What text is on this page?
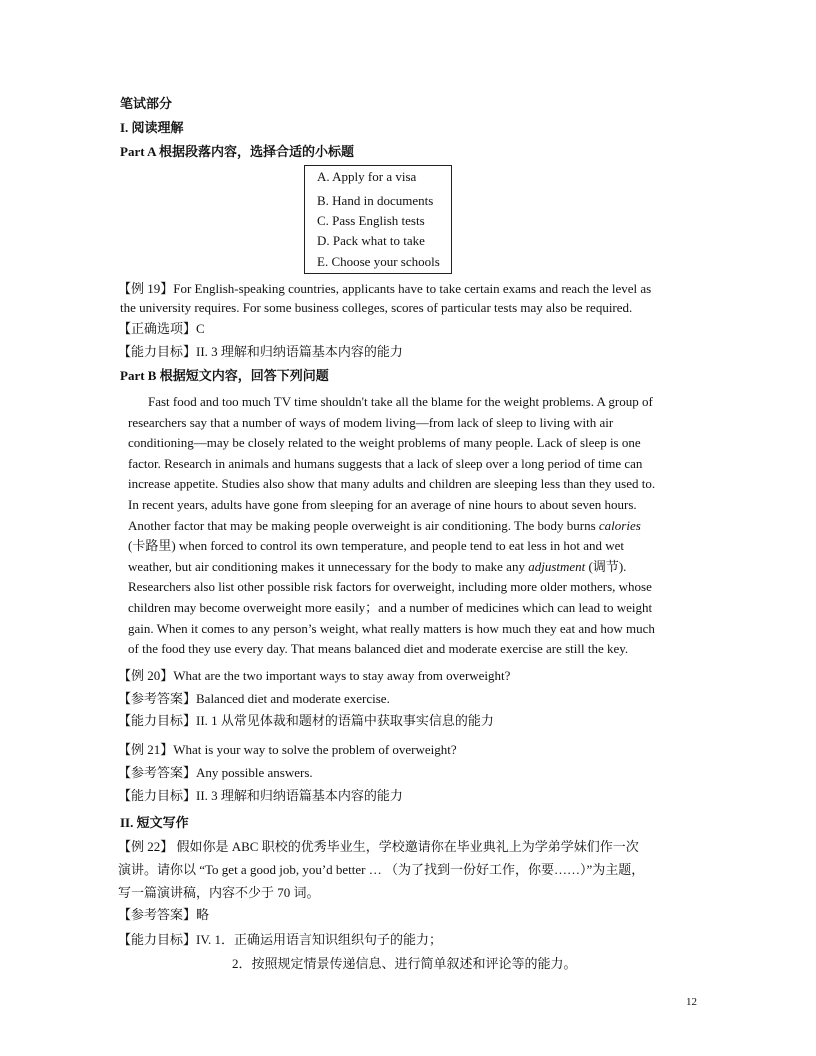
笔试部分
I. 阅读理解
Part A 根据段落内容，选择合适的小标题
A. Apply for a visa
B. Hand in documents
C. Pass English tests
D. Pack what to take
E. Choose your schools
【例 19】For English-speaking countries, applicants have to take certain exams and reach the level as
the university requires. For some business colleges, scores of particular tests may also be required.
【正确选项】C
【能力目标】II. 3 理解和归纳语篇基本内容的能力
Part B 根据短文内容，回答下列问题
Fast food and too much TV time shouldn't take all the blame for the weight problems. A group of
researchers say that a number of ways of modem living—from lack of sleep to living with air
conditioning—may be closely related to the weight problems of many people. Lack of sleep is one
factor. Research in animals and humans suggests that a lack of sleep over a long period of time can
increase appetite. Studies also show that many adults and children are sleeping less than they used to.
In recent years, adults have gone from sleeping for an average of nine hours to about seven hours.
Another factor that may be making people overweight is air conditioning. The body burns calories
(卡路里) when forced to control its own temperature, and people tend to eat less in hot and wet
weather, but air conditioning makes it unnecessary for the body to make any adjustment (调节).
Researchers also list other possible risk factors for overweight, including more older mothers, whose
children may become overweight more easily；and a number of medicines which can lead to weight
gain. When it comes to any person’s weight, what really matters is how much they eat and how much
of the food they use every day. That means balanced diet and moderate exercise are still the key.
【例 20】What are the two important ways to stay away from overweight?
【参考答案】Balanced diet and moderate exercise.
【能力目标】II. 1 从常见体裁和题材的语篇中获取事实信息的能力
【例 21】What is your way to solve the problem of overweight?
【参考答案】Any possible answers.
【能力目标】II. 3 理解和归纳语篇基本内容的能力
II. 短文写作
【例 22】 假如你是 ABC 职校的优秀毕业生，学校邀请你在毕业典礼上为学弟学妹们作一次
演讲。请你以 “To get a good job, you’d better … （为了找到一份好工作，你要……）”为主题，
写一篇演讲稿，内容不少于 70 词。
【参考答案】略
【能力目标】IV. 1．正确运用语言知识组织句子的能力；
2．按照规定情景传递信息、进行简单叙述和评论等的能力。
12
